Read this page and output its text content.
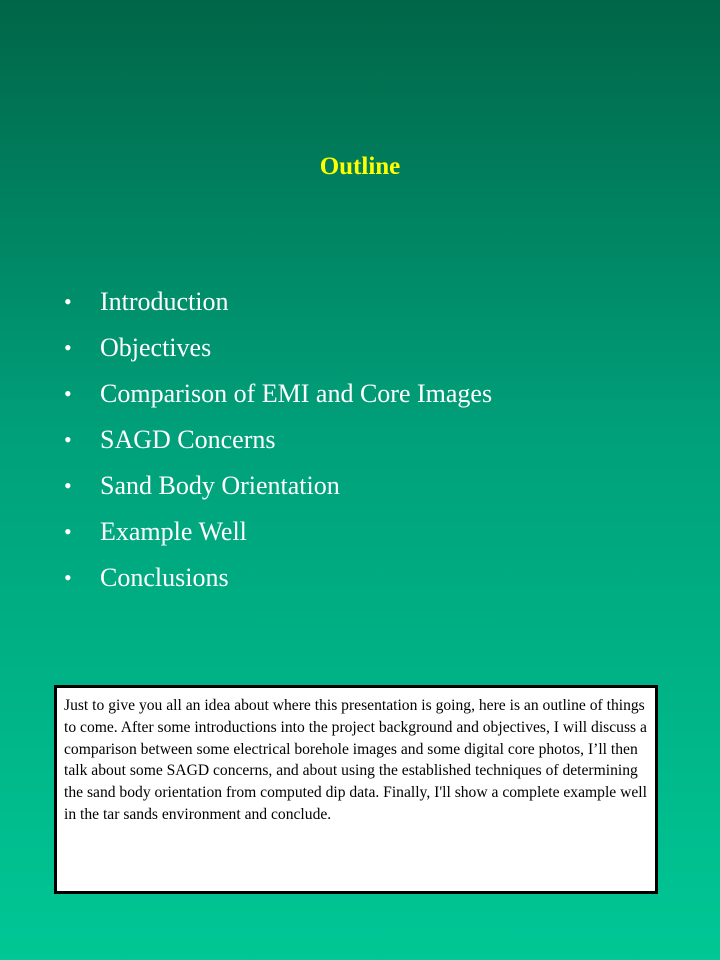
Outline
•	Introduction
•	Objectives
•	Comparison of EMI and Core Images
•	SAGD Concerns
•	Sand Body Orientation
•	Example Well
•	Conclusions

Just to give you all an idea about where this presentation is going, here is an outline of things to come. After some introductions into the project background and objectives, I will discuss a comparison between some electrical borehole images and some digital core photos, I’ll then talk about some SAGD concerns, and about using the established techniques of determining the sand body orientation from computed dip data. Finally, I'll show a complete example well in the tar sands environment and conclude.
